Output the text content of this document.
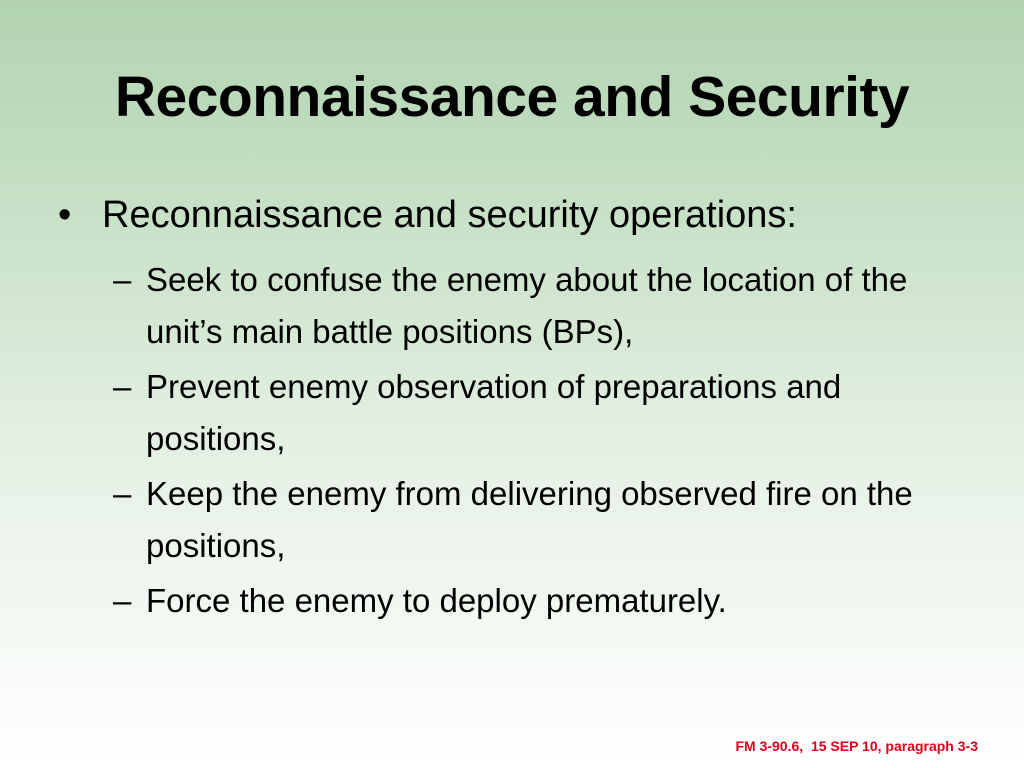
Reconnaissance and Security
• Reconnaissance and security operations:
– Seek to confuse the enemy about the location of the unit’s main battle positions (BPs),
– Prevent enemy observation of preparations and positions,
– Keep the enemy from delivering observed fire on the positions,
– Force the enemy to deploy prematurely.
FM 3-90.6,  15 SEP 10, paragraph 3-3
